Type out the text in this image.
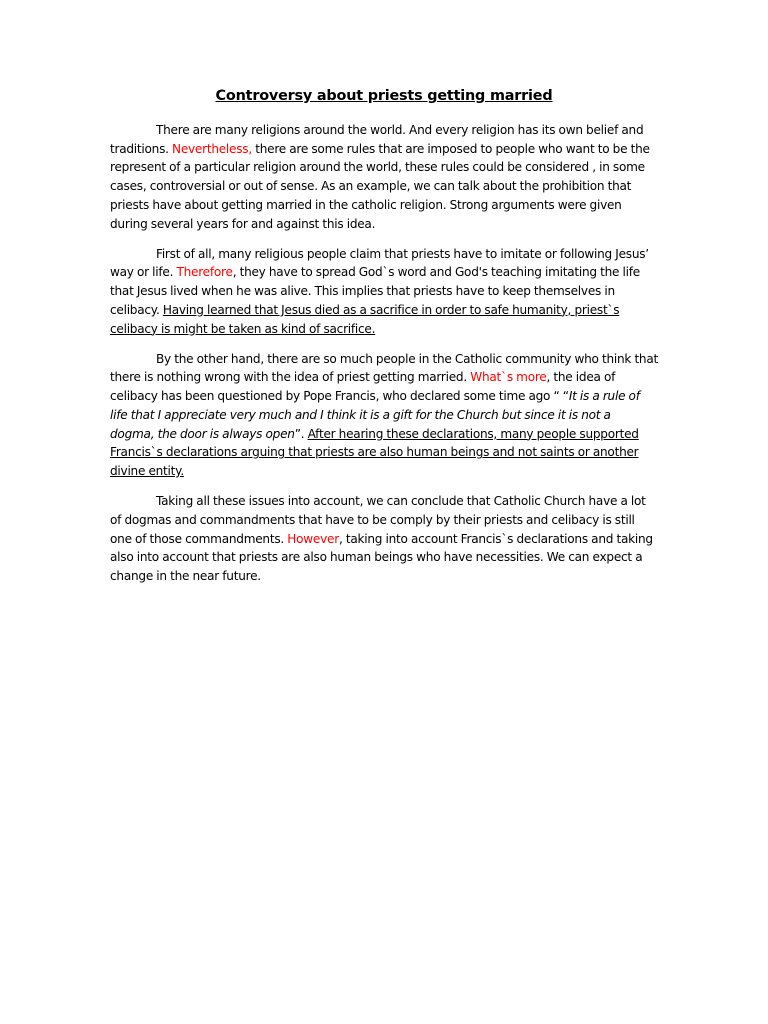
Controversy about priests getting married

There are many religions around the world. And every religion has its own belief and traditions. Nevertheless, there are some rules that are imposed to people who want to be the represent of a particular religion around the world, these rules could be considered , in some cases, controversial or out of sense. As an example, we can talk about the prohibition that priests have about getting married in the catholic religion. Strong arguments were given during several years for and against this idea.

First of all, many religious people claim that priests have to imitate or following Jesus’ way or life. Therefore, they have to spread God`s word and God's teaching imitating the life that Jesus lived when he was alive. This implies that priests have to keep themselves in celibacy. Having learned that Jesus died as a sacrifice in order to safe humanity, priest`s celibacy is might be taken as kind of sacrifice.

By the other hand, there are so much people in the Catholic community who think that there is nothing wrong with the idea of priest getting married. What`s more, the idea of celibacy has been questioned by Pope Francis, who declared some time ago “ “It is a rule of life that I appreciate very much and I think it is a gift for the Church but since it is not a dogma, the door is always open”. After hearing these declarations, many people supported Francis`s declarations arguing that priests are also human beings and not saints or another divine entity.

Taking all these issues into account, we can conclude that Catholic Church have a lot of dogmas and commandments that have to be comply by their priests and celibacy is still one of those commandments. However, taking into account Francis`s declarations and taking also into account that priests are also human beings who have necessities. We can expect a change in the near future.
